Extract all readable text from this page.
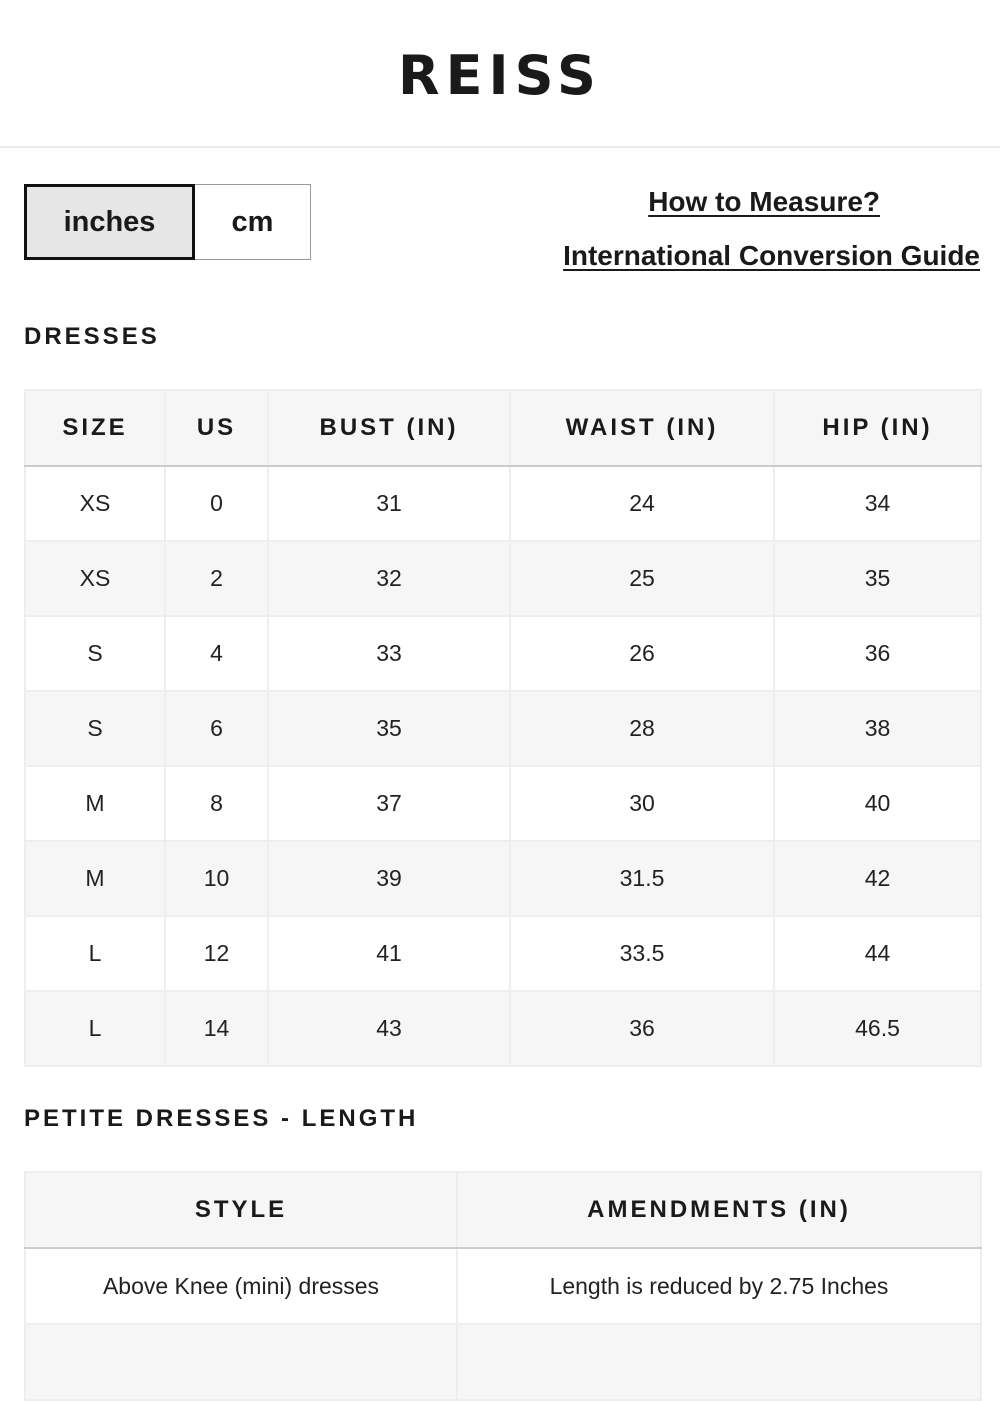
REISS
inches	cm
How to Measure?
International Conversion Guide
DRESSES
SIZE	US	BUST (IN)	WAIST (IN)	HIP (IN)
XS	0	31	24	34
XS	2	32	25	35
S	4	33	26	36
S	6	35	28	38
M	8	37	30	40
M	10	39	31.5	42
L	12	41	33.5	44
L	14	43	36	46.5
PETITE DRESSES - LENGTH
STYLE	AMENDMENTS (IN)
Above Knee (mini) dresses	Length is reduced by 2.75 Inches
